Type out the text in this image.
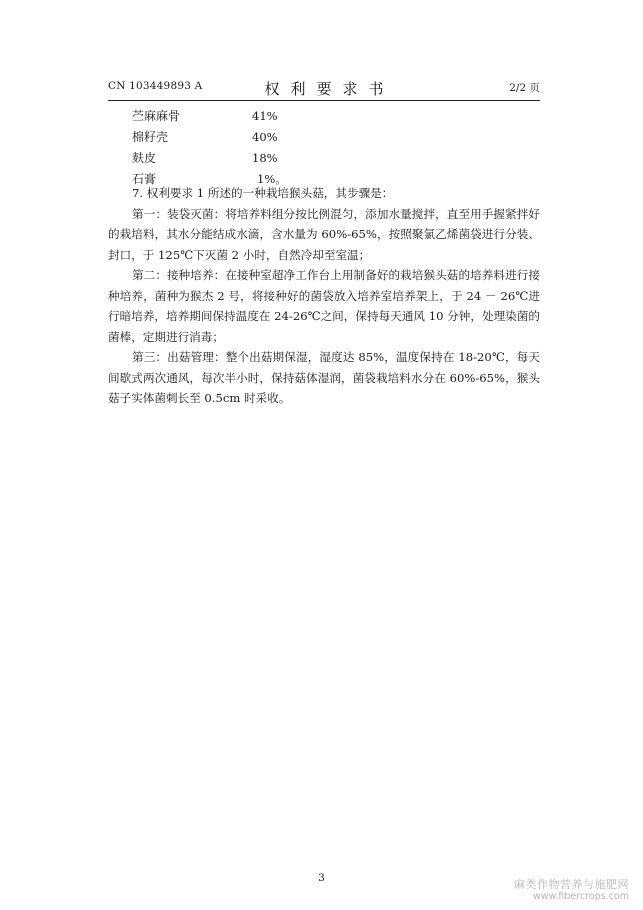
CN 103449893 A	权利要求书	2/2 页
苎麻麻骨	41%
棉籽壳	40%
麸皮	18%
石膏	1%。

7. 权利要求 1 所述的一种栽培猴头菇，其步骤是：

第一：装袋灭菌：将培养料组分按比例混匀，添加水量搅拌，直至用手握紧拌好的栽培料，其水分能结成水滴，含水量为 60%-65%，按照聚氯乙烯菌袋进行分装、封口，于 125℃下灭菌 2 小时，自然冷却至室温；

第二：接种培养：在接种室超净工作台上用制备好的栽培猴头菇的培养料进行接种培养，菌种为猴杰 2 号，将接种好的菌袋放入培养室培养架上，于 24 － 26℃进行暗培养，培养期间保持温度在 24-26℃之间，保持每天通风 10 分钟，处理染菌的菌棒，定期进行消毒；

第三：出菇管理：整个出菇期保湿，湿度达 85%，温度保持在 18-20℃，每天间歇式两次通风，每次半小时，保持菇体湿润，菌袋栽培料水分在 60%-65%，猴头菇子实体菌刺长至 0.5cm 时采收。

3	麻类作物营养与施肥网
www.fibercrops.com
